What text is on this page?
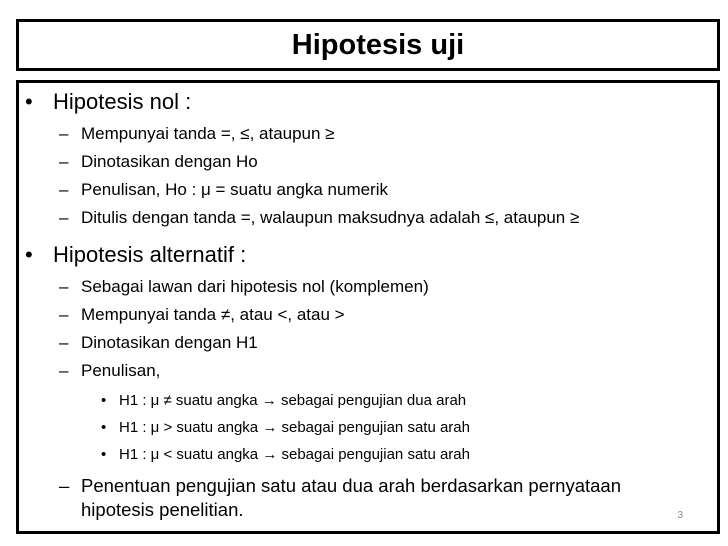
Hipotesis uji
• Hipotesis nol :
– Mempunyai tanda =, ≤, ataupun ≥
– Dinotasikan dengan Ho
– Penulisan, Ho : μ = suatu angka numerik
– Ditulis dengan tanda =, walaupun maksudnya adalah ≤, ataupun ≥
• Hipotesis alternatif :
– Sebagai lawan dari hipotesis nol (komplemen)
– Mempunyai tanda ≠, atau <, atau >
– Dinotasikan dengan H1
– Penulisan,
• H1 : μ ≠ suatu angka → sebagai pengujian dua arah
• H1 : μ > suatu angka → sebagai pengujian satu arah
• H1 : μ < suatu angka → sebagai pengujian satu arah
– Penentuan pengujian satu atau dua arah berdasarkan pernyataan
hipotesis penelitian.	3
